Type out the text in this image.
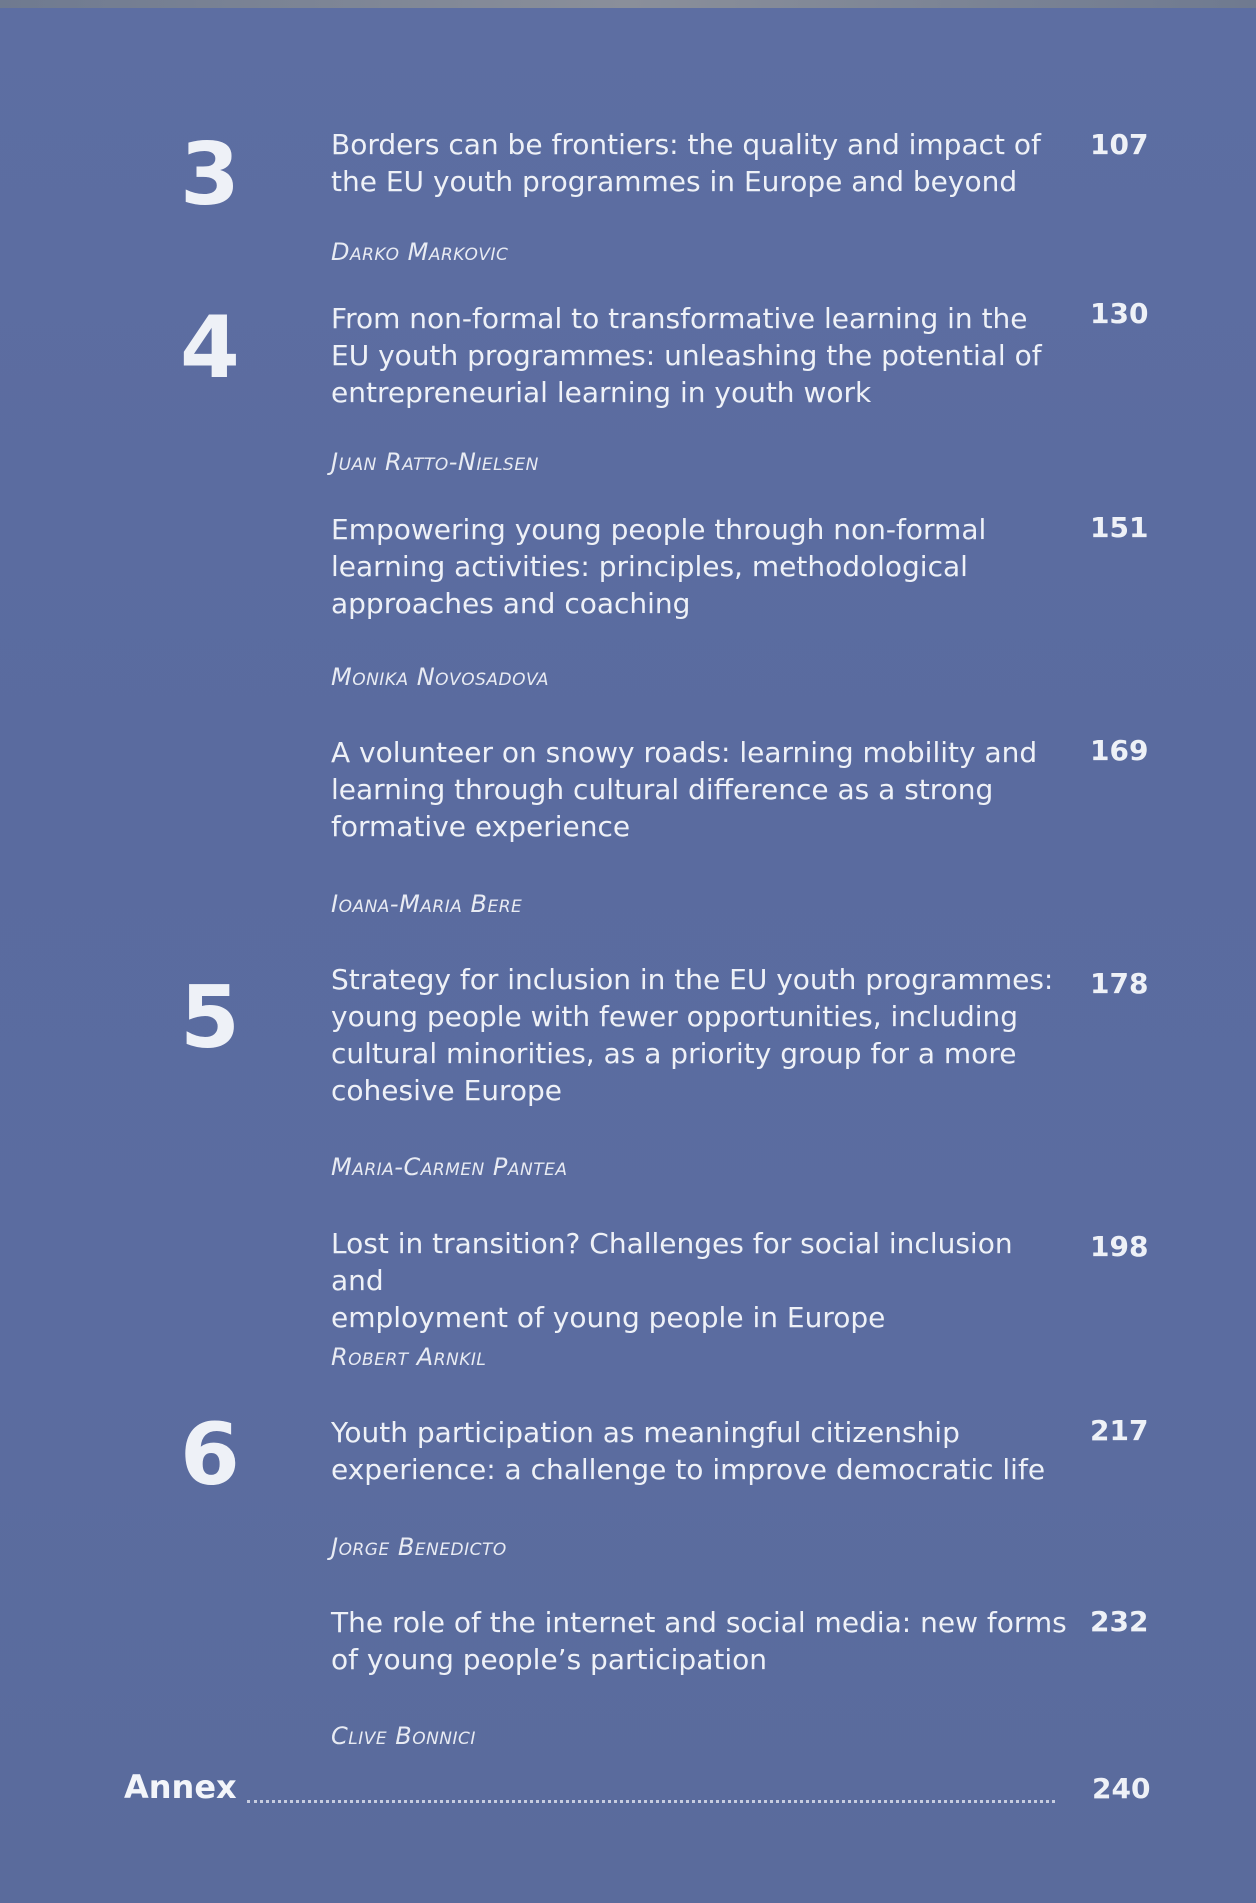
3
4
5
6
Borders can be frontiers: the quality and impact of
the EU youth programmes in Europe and beyond
107
Darko Markovic
From non-formal to transformative learning in the
EU youth programmes: unleashing the potential of
entrepreneurial learning in youth work
130
Juan Ratto-Nielsen
Empowering young people through non-formal
learning activities: principles, methodological
approaches and coaching
151
Monika Novosadova
A volunteer on snowy roads: learning mobility and
learning through cultural difference as a strong
formative experience
169
Ioana-Maria Bere
Strategy for inclusion in the EU youth programmes:
young people with fewer opportunities, including
cultural minorities, as a priority group for a more
cohesive Europe
178
Maria-Carmen Pantea
Lost in transition? Challenges for social inclusion and
employment of young people in Europe
198
Robert Arnkil
Youth participation as meaningful citizenship
experience: a challenge to improve democratic life
217
Jorge Benedicto
The role of the internet and social media: new forms
of young people’s participation
232
Clive Bonnici
Annex	240
